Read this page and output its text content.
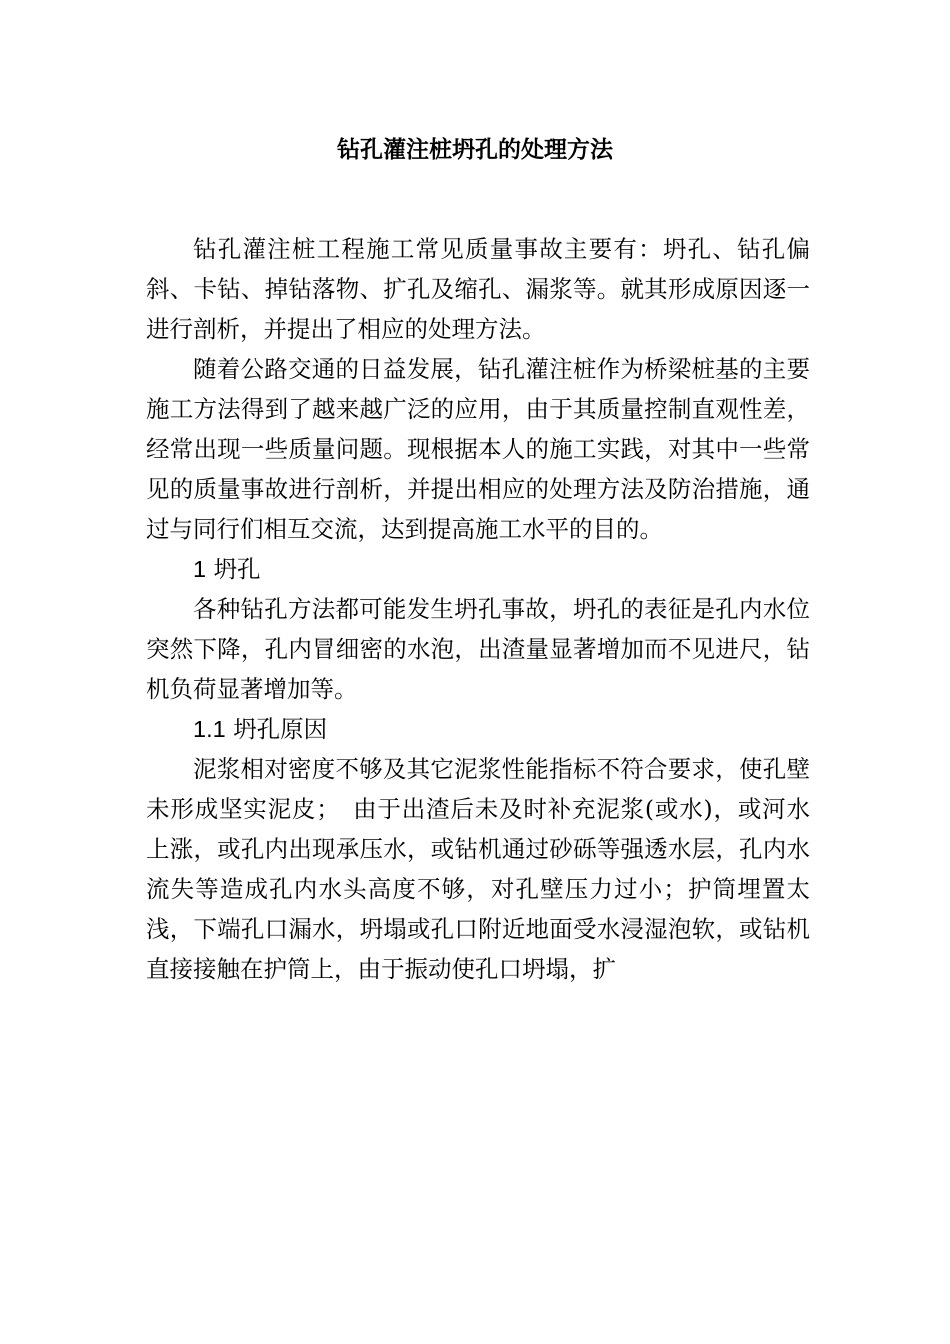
钻孔灌注桩坍孔的处理方法

钻孔灌注桩工程施工常见质量事故主要有：坍孔、钻孔偏斜、卡钻、掉钻落物、扩孔及缩孔、漏浆等。就其形成原因逐一进行剖析，并提出了相应的处理方法。

随着公路交通的日益发展，钻孔灌注桩作为桥梁桩基的主要施工方法得到了越来越广泛的应用，由于其质量控制直观性差，经常出现一些质量问题。现根据本人的施工实践，对其中一些常见的质量事故进行剖析，并提出相应的处理方法及防治措施，通过与同行们相互交流，达到提高施工水平的目的。

1 坍孔

各种钻孔方法都可能发生坍孔事故，坍孔的表征是孔内水位 突然下降，孔内冒细密的水泡，出渣量显著增加而不见进尺，钻机负荷显著增加等。

1.1 坍孔原因

泥浆相对密度不够及其它泥浆性能指标不符合要求，使孔壁未形成坚实泥皮；　由于出渣后未及时补充泥浆(或水)，或河水上涨，或孔内出现承压水，或钻机通过砂砾等强透水层，孔内水流失等造成孔内水头高度不够，对孔壁压力过小；护筒埋置太浅，下端孔口漏水，坍塌或孔口附近地面受水浸湿泡软，或钻机直接接触在护筒上，由于振动使孔口坍塌，扩
